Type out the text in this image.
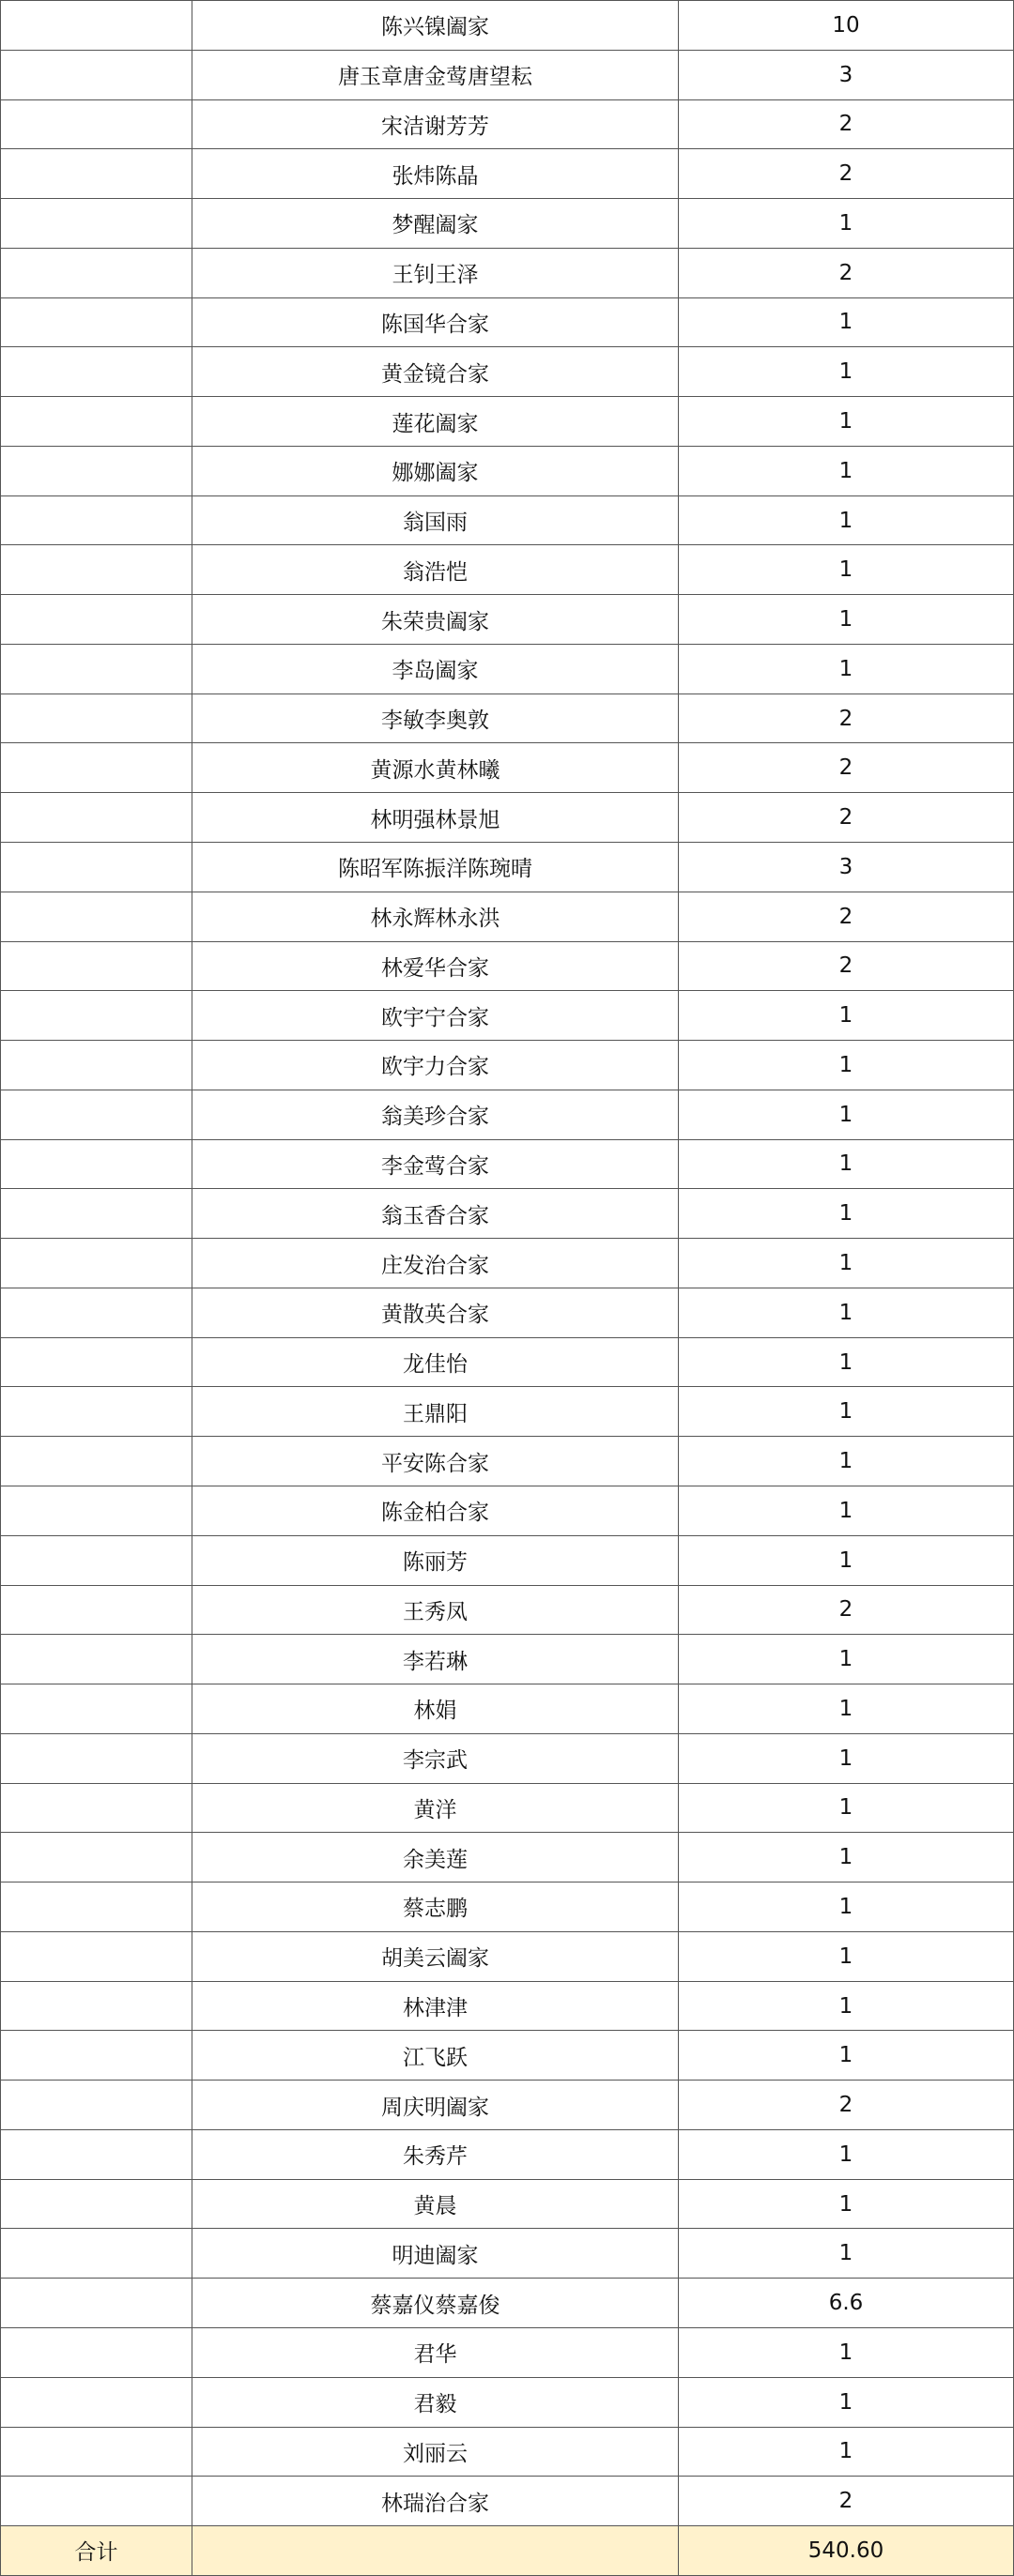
陈兴镍阖家	10
唐玉章唐金莺唐望耘	3
宋洁谢芳芳	2
张炜陈晶	2
梦醒阖家	1
王钊王泽	2
陈国华合家	1
黄金镜合家	1
莲花阖家	1
娜娜阖家	1
翁国雨	1
翁浩恺	1
朱荣贵阖家	1
李岛阖家	1
李敏李奥敦	2
黄源水黄林曦	2
林明强林景旭	2
陈昭军陈振洋陈琬晴	3
林永辉林永洪	2
林爱华合家	2
欧宇宁合家	1
欧宇力合家	1
翁美珍合家	1
李金莺合家	1
翁玉香合家	1
庄发治合家	1
黄散英合家	1
龙佳怡	1
王鼎阳	1
平安陈合家	1
陈金柏合家	1
陈丽芳	1
王秀凤	2
李若琳	1
林娟	1
李宗武	1
黄洋	1
余美莲	1
蔡志鹏	1
胡美云阖家	1
林津津	1
江飞跃	1
周庆明阖家	2
朱秀芹	1
黄晨	1
明迪阖家	1
蔡嘉仪蔡嘉俊	6.6
君华	1
君毅	1
刘丽云	1
林瑞治合家	2
合计	540.60
